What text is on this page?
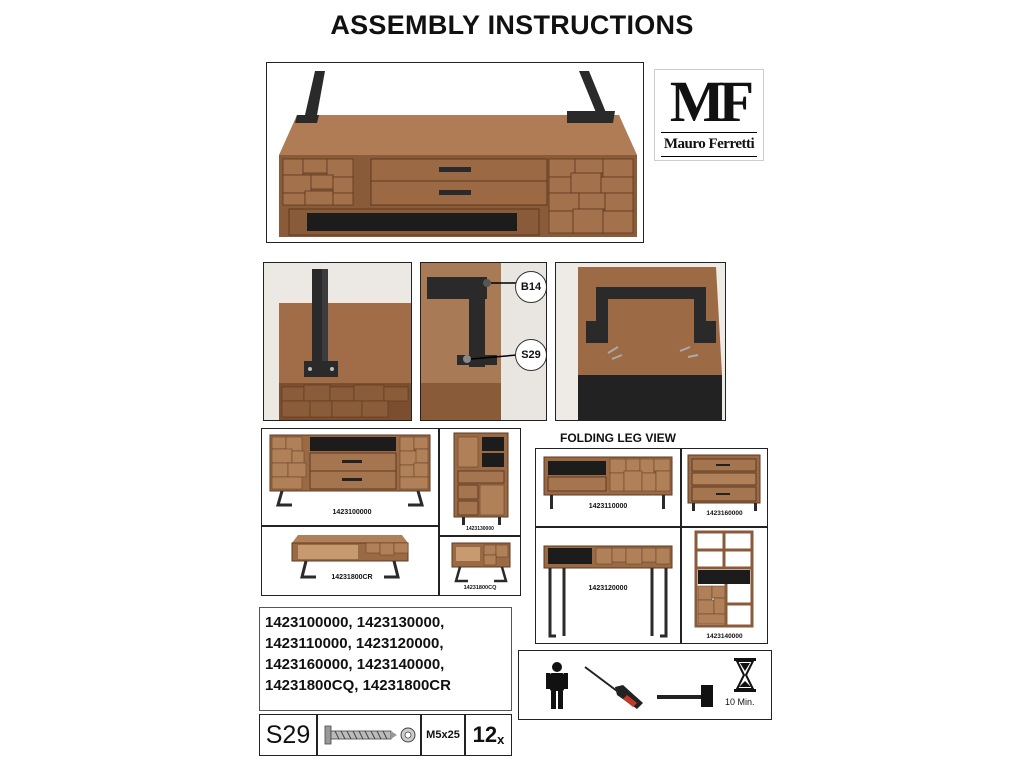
ASSEMBLY INSTRUCTIONS
MF
Mauro Ferretti
B14
S29
1423100000
1423130000
14231800CR
14231800CQ
FOLDING LEG VIEW
1423110000
1423160000
1423120000
1423140000
1423100000, 1423130000,
1423110000, 1423120000,
1423160000, 1423140000,
14231800CQ, 14231800CR
S29	M5x25 12 x
10 Min.
